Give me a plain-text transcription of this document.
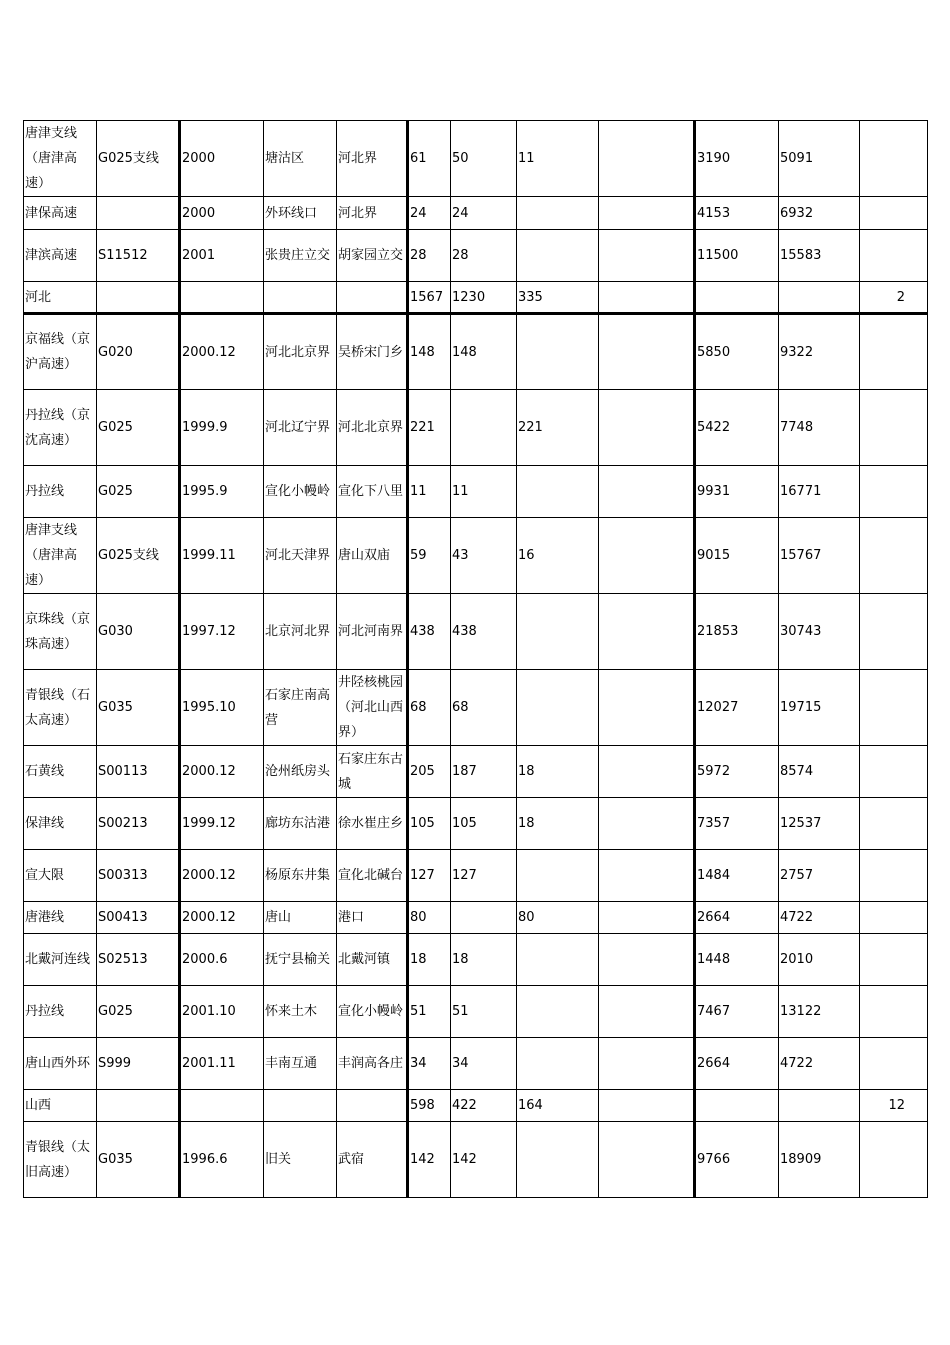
唐津支线（唐津高速）	G025支线	2000	塘沽区	河北界	61	50	11		3190	5091	
津保高速		2000	外环线口	河北界	24	24			4153	6932	
津滨高速	S11512	2001	张贵庄立交	胡家园立交	28	28			11500	15583	
河北					1567	1230	335				2
京福线（京沪高速）	G020	2000.12	河北北京界	吴桥宋门乡	148	148			5850	9322	
丹拉线（京沈高速）	G025	1999.9	河北辽宁界	河北北京界	221		221		5422	7748	
丹拉线	G025	1995.9	宣化小幔岭	宣化下八里	11	11			9931	16771	
唐津支线（唐津高速）	G025支线	1999.11	河北天津界	唐山双庙	59	43	16		9015	15767	
京珠线（京珠高速）	G030	1997.12	北京河北界	河北河南界	438	438			21853	30743	
青银线（石太高速）	G035	1995.10	石家庄南高营	井陉核桃园（河北山西界）	68	68			12027	19715	
石黄线	S00113	2000.12	沧州纸房头	石家庄东古城	205	187	18		5972	8574	
保津线	S00213	1999.12	廊坊东沽港	徐水崔庄乡	105	105	18		7357	12537	
宣大限	S00313	2000.12	杨原东井集	宣化北碱台	127	127			1484	2757	
唐港线	S00413	2000.12	唐山	港口	80		80		2664	4722	
北戴河连线	S02513	2000.6	抚宁县榆关	北戴河镇	18	18			1448	2010	
丹拉线	G025	2001.10	怀来土木	宣化小幔岭	51	51			7467	13122	
唐山西外环	S999	2001.11	丰南互通	丰润高各庄	34	34			2664	4722	
山西					598	422	164				12
青银线（太旧高速）	G035	1996.6	旧关	武宿	142	142			9766	18909	
